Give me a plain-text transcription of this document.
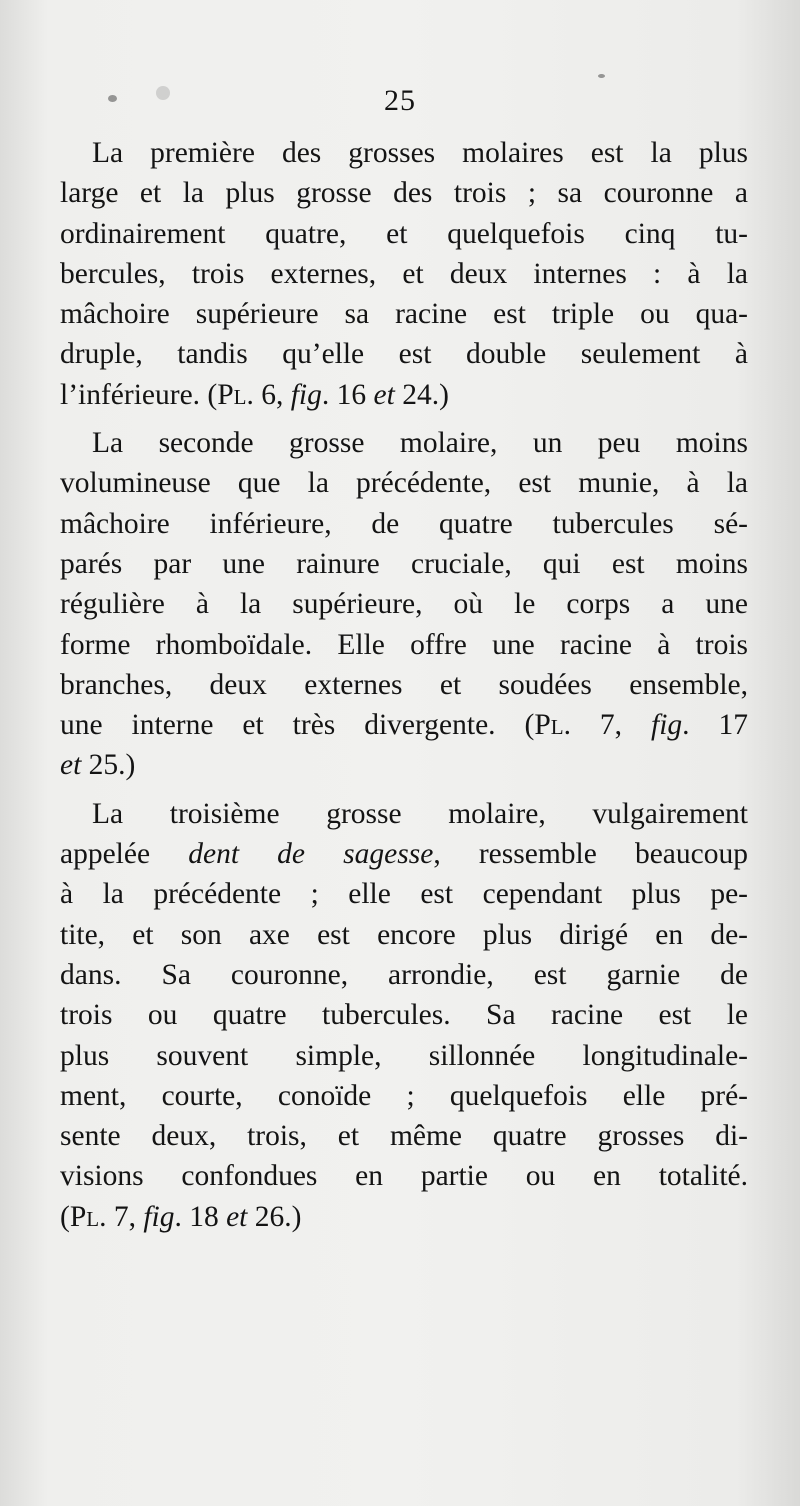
25

La première des grosses molaires est la plus
large et la plus grosse des trois ; sa couronne a
ordinairement quatre, et quelquefois cinq tu-
bercules, trois externes, et deux internes : à la
mâchoire supérieure sa racine est triple ou qua-
druple, tandis qu’elle est double seulement à
l’inférieure. (Pl. 6, fig. 16 et 24.)

La seconde grosse molaire, un peu moins
volumineuse que la précédente, est munie, à la
mâchoire inférieure, de quatre tubercules sé-
parés par une rainure cruciale, qui est moins
régulière à la supérieure, où le corps a une
forme rhomboïdale. Elle offre une racine à trois
branches, deux externes et soudées ensemble,
une interne et très divergente. (Pl. 7, fig. 17
et 25.)

La troisième grosse molaire, vulgairement
appelée dent de sagesse, ressemble beaucoup
à la précédente ; elle est cependant plus pe-
tite, et son axe est encore plus dirigé en de-
dans. Sa couronne, arrondie, est garnie de
trois ou quatre tubercules. Sa racine est le
plus souvent simple, sillonnée longitudinale-
ment, courte, conoïde ; quelquefois elle pré-
sente deux, trois, et même quatre grosses di-
visions confondues en partie ou en totalité.
(Pl. 7, fig. 18 et 26.)
